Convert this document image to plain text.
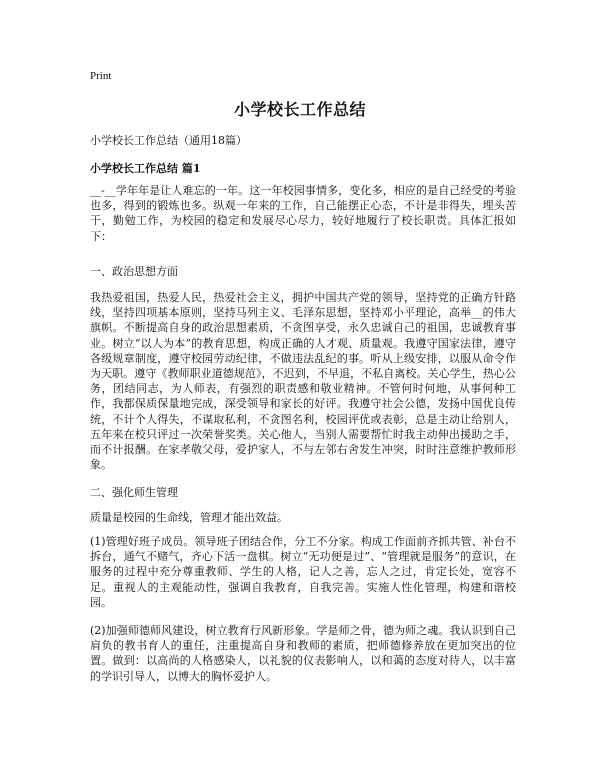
Print
小学校长工作总结
小学校长工作总结（通用18篇）
小学校长工作总结 篇1
__-__学年年是让人难忘的一年。这一年校园事情多，变化多，相应的是自己经受的考验也多，得到的锻炼也多。纵观一年来的工作，自己能摆正心态，不计是非得失，埋头苦干，勤勉工作，为校园的稳定和发展尽心尽力，较好地履行了校长职责。具体汇报如下：
一、政治思想方面
我热爱祖国，热爱人民，热爱社会主义，拥护中国共产党的领导，坚持党的正确方针路线，坚持四项基本原则，坚持马列主义、毛泽东思想，坚持邓小平理论，高举__的伟大旗帜。不断提高自身的政治思想素质，不贪图享受，永久忠诚自己的祖国，忠诚教育事业。树立“以人为本”的教育思想，构成正确的人才观、质量观。我遵守国家法律，遵守各级规章制度，遵守校园劳动纪律，不做违法乱纪的事。听从上级安排，以服从命令作为天职。遵守《教师职业道德规范》，不迟到，不早退，不私自离校。关心学生，热心公务，团结同志，为人师表，有强烈的职责感和敬业精神。不管何时何地，从事何种工作，我都保质保量地完成，深受领导和家长的好评。我遵守社会公德，发扬中国优良传统，不计个人得失，不谋取私利，不贪图名利，校园评优或表彰，总是主动让给别人，五年来在校只评过一次荣誉奖类。关心他人，当别人需要帮忙时我主动伸出援助之手，而不计报酬。在家孝敬父母，爱护家人，不与左邻右舍发生冲突，时时注意维护教师形象。
二、强化师生管理
质量是校园的生命线，管理才能出效益。
(1)管理好班子成员。领导班子团结合作，分工不分家。构成工作面前齐抓共管、补台不拆台，通气不赌气，齐心下活一盘棋。树立“无功便是过”、“管理就是服务”的意识，在服务的过程中充分尊重教师、学生的人格，记人之善，忘人之过，肯定长处，宽容不足。重视人的主观能动性，强调自我教育，自我完善。实施人性化管理，构建和谐校园。
(2)加强师德师风建设，树立教育行风新形象。学是师之骨，德为师之魂。我认识到自己肩负的教书育人的重任，注重提高自身和教师的素质，把师德修养放在更加突出的位置。做到：以高尚的人格感染人，以礼貌的仪表影响人，以和蔼的态度对待人，以丰富的学识引导人，以博大的胸怀爱护人。
